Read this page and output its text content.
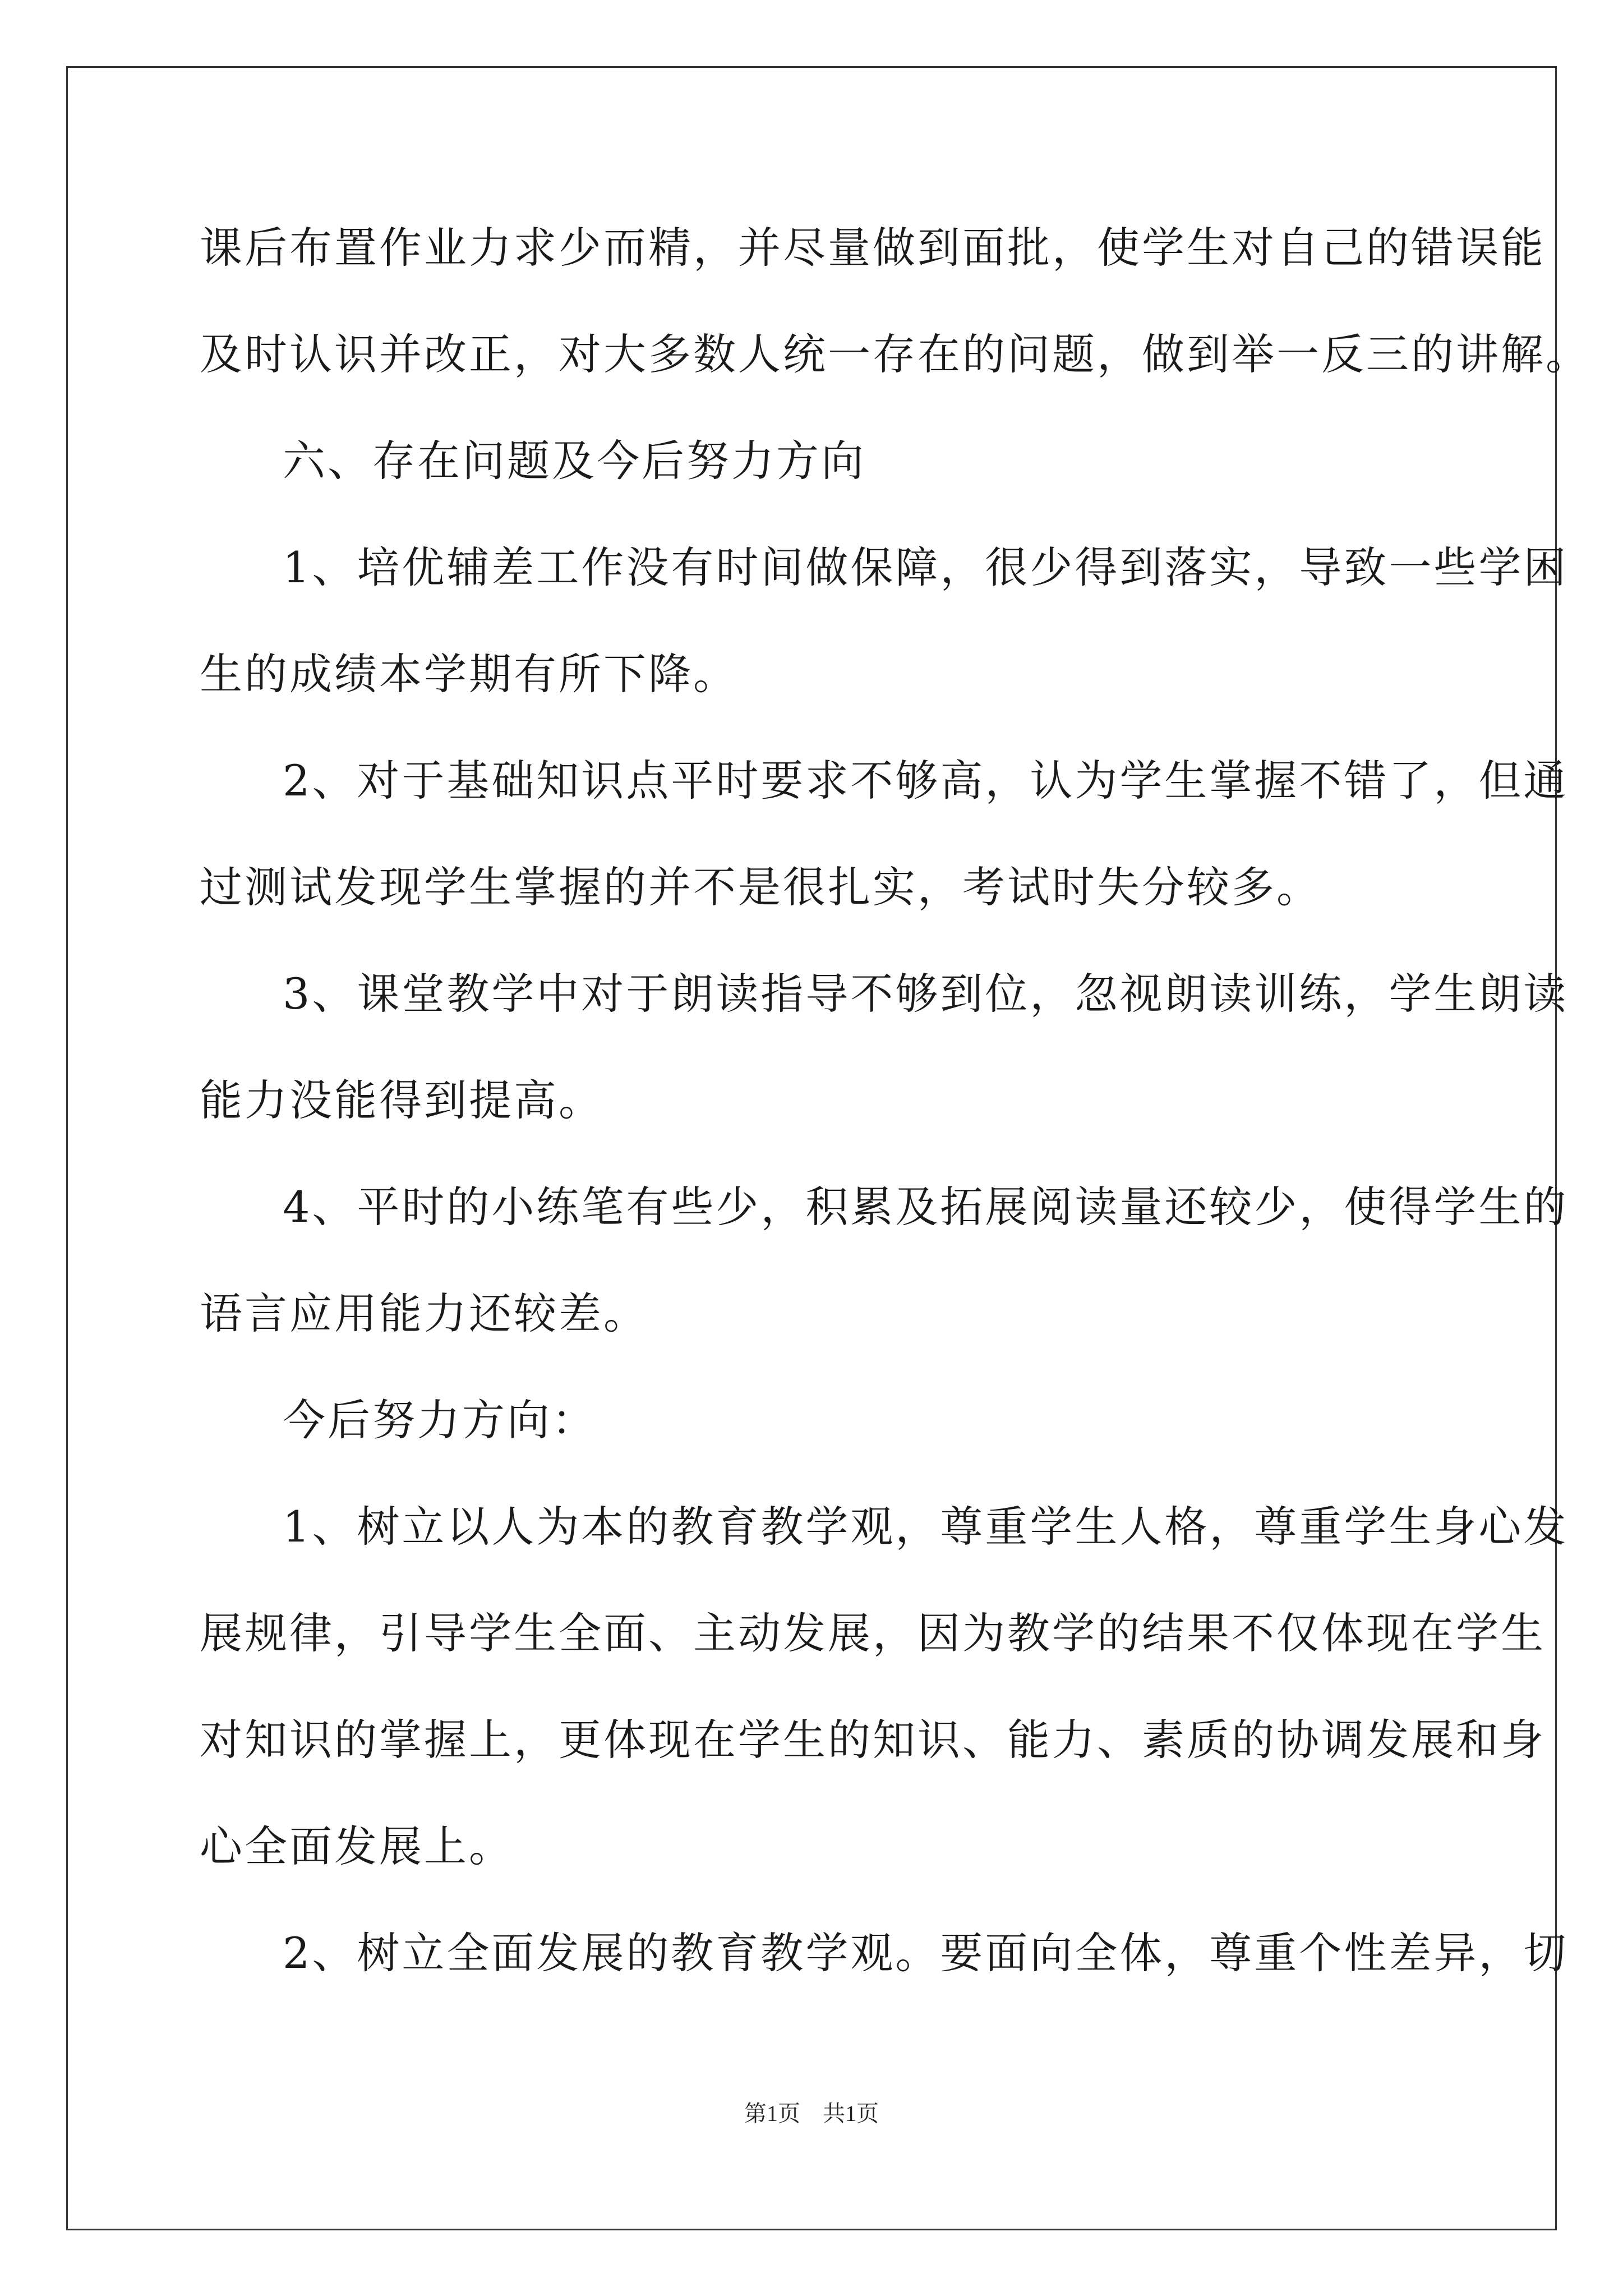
课后布置作业力求少而精，并尽量做到面批，使学生对自己的错误能
及时认识并改正，对大多数人统一存在的问题，做到举一反三的讲解。
六、存在问题及今后努力方向
1、培优辅差工作没有时间做保障，很少得到落实，导致一些学困
生的成绩本学期有所下降。
2、对于基础知识点平时要求不够高，认为学生掌握不错了，但通
过测试发现学生掌握的并不是很扎实，考试时失分较多。
3、课堂教学中对于朗读指导不够到位，忽视朗读训练，学生朗读
能力没能得到提高。
4、平时的小练笔有些少，积累及拓展阅读量还较少，使得学生的
语言应用能力还较差。
今后努力方向：
1、树立以人为本的教育教学观，尊重学生人格，尊重学生身心发
展规律，引导学生全面、主动发展，因为教学的结果不仅体现在学生
对知识的掌握上，更体现在学生的知识、能力、素质的协调发展和身
心全面发展上。
2、树立全面发展的教育教学观。要面向全体，尊重个性差异，切
第1页　共1页
